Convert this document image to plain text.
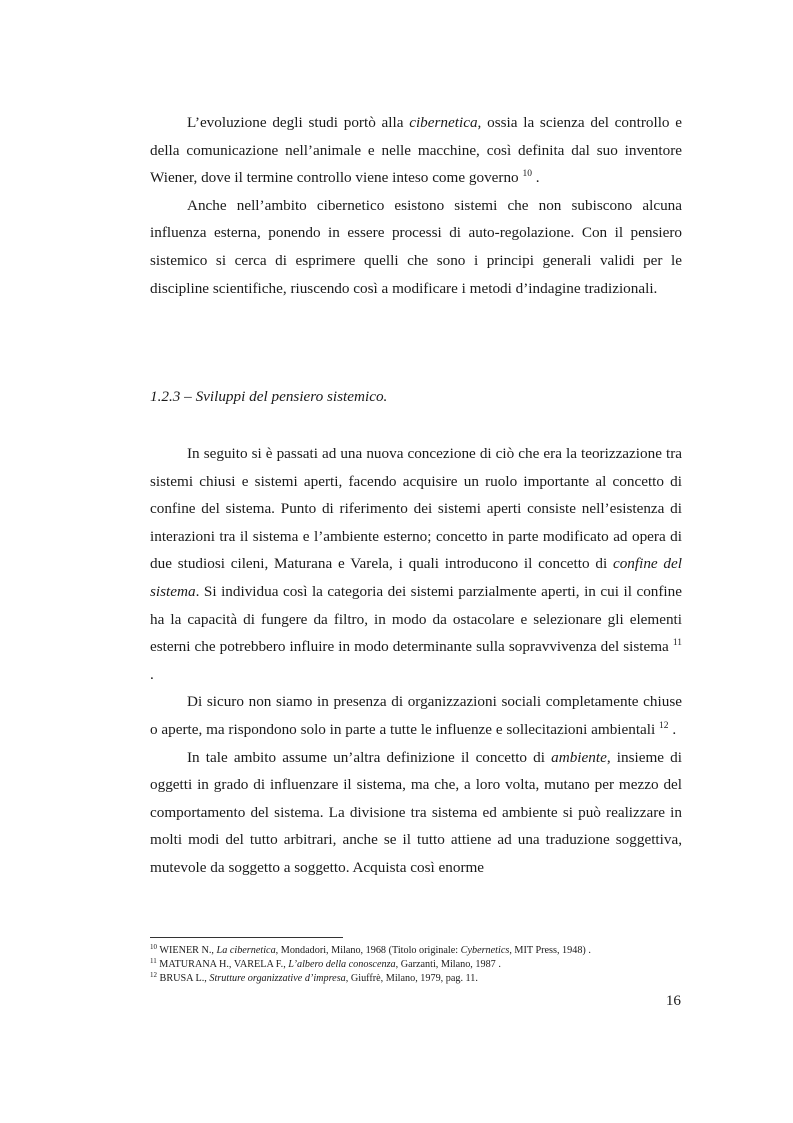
L’evoluzione degli studi portò alla cibernetica, ossia la scienza del controllo e della comunicazione nell’animale e nelle macchine, così definita dal suo inventore Wiener, dove il termine controllo viene inteso come governo $^{10}$ .

Anche nell’ambito cibernetico esistono sistemi che non subiscono alcuna influenza esterna, ponendo in essere processi di auto-regolazione. Con il pensiero sistemico si cerca di esprimere quelli che sono i principi generali validi per le discipline scientifiche, riuscendo così a modificare i metodi d’indagine tradizionali.

1.2.3 – Sviluppi del pensiero sistemico.

In seguito si è passati ad una nuova concezione di ciò che era la teorizzazione tra sistemi chiusi e sistemi aperti, facendo acquisire un ruolo importante al concetto di confine del sistema. Punto di riferimento dei sistemi aperti consiste nell’esistenza di interazioni tra il sistema e l’ambiente esterno; concetto in parte modificato ad opera di due studiosi cileni, Maturana e Varela, i quali introducono il concetto di confine del sistema. Si individua così la categoria dei sistemi parzialmente aperti, in cui il confine ha la capacità di fungere da filtro, in modo da ostacolare e selezionare gli elementi esterni che potrebbero influire in modo determinante sulla sopravvivenza del sistema $^{11}$ .

Di sicuro non siamo in presenza di organizzazioni sociali completamente chiuse o aperte, ma rispondono solo in parte a tutte le influenze e sollecitazioni ambientali $^{12}$ .

In tale ambito assume un’altra definizione il concetto di ambiente, insieme di oggetti in grado di influenzare il sistema, ma che, a loro volta, mutano per mezzo del comportamento del sistema. La divisione tra sistema ed ambiente si può realizzare in molti modi del tutto arbitrari, anche se il tutto attiene ad una traduzione soggettiva, mutevole da soggetto a soggetto. Acquista così enorme

$^{10}$ WIENER N., La cibernetica, Mondadori, Milano, 1968 (Titolo originale: Cybernetics, MIT Press, 1948) .

$^{11}$ MATURANA H., VARELA F., L’albero della conoscenza, Garzanti, Milano, 1987 .

$^{12}$ BRUSA L., Strutture organizzative d’impresa, Giuffrè, Milano, 1979, pag. 11.

16
